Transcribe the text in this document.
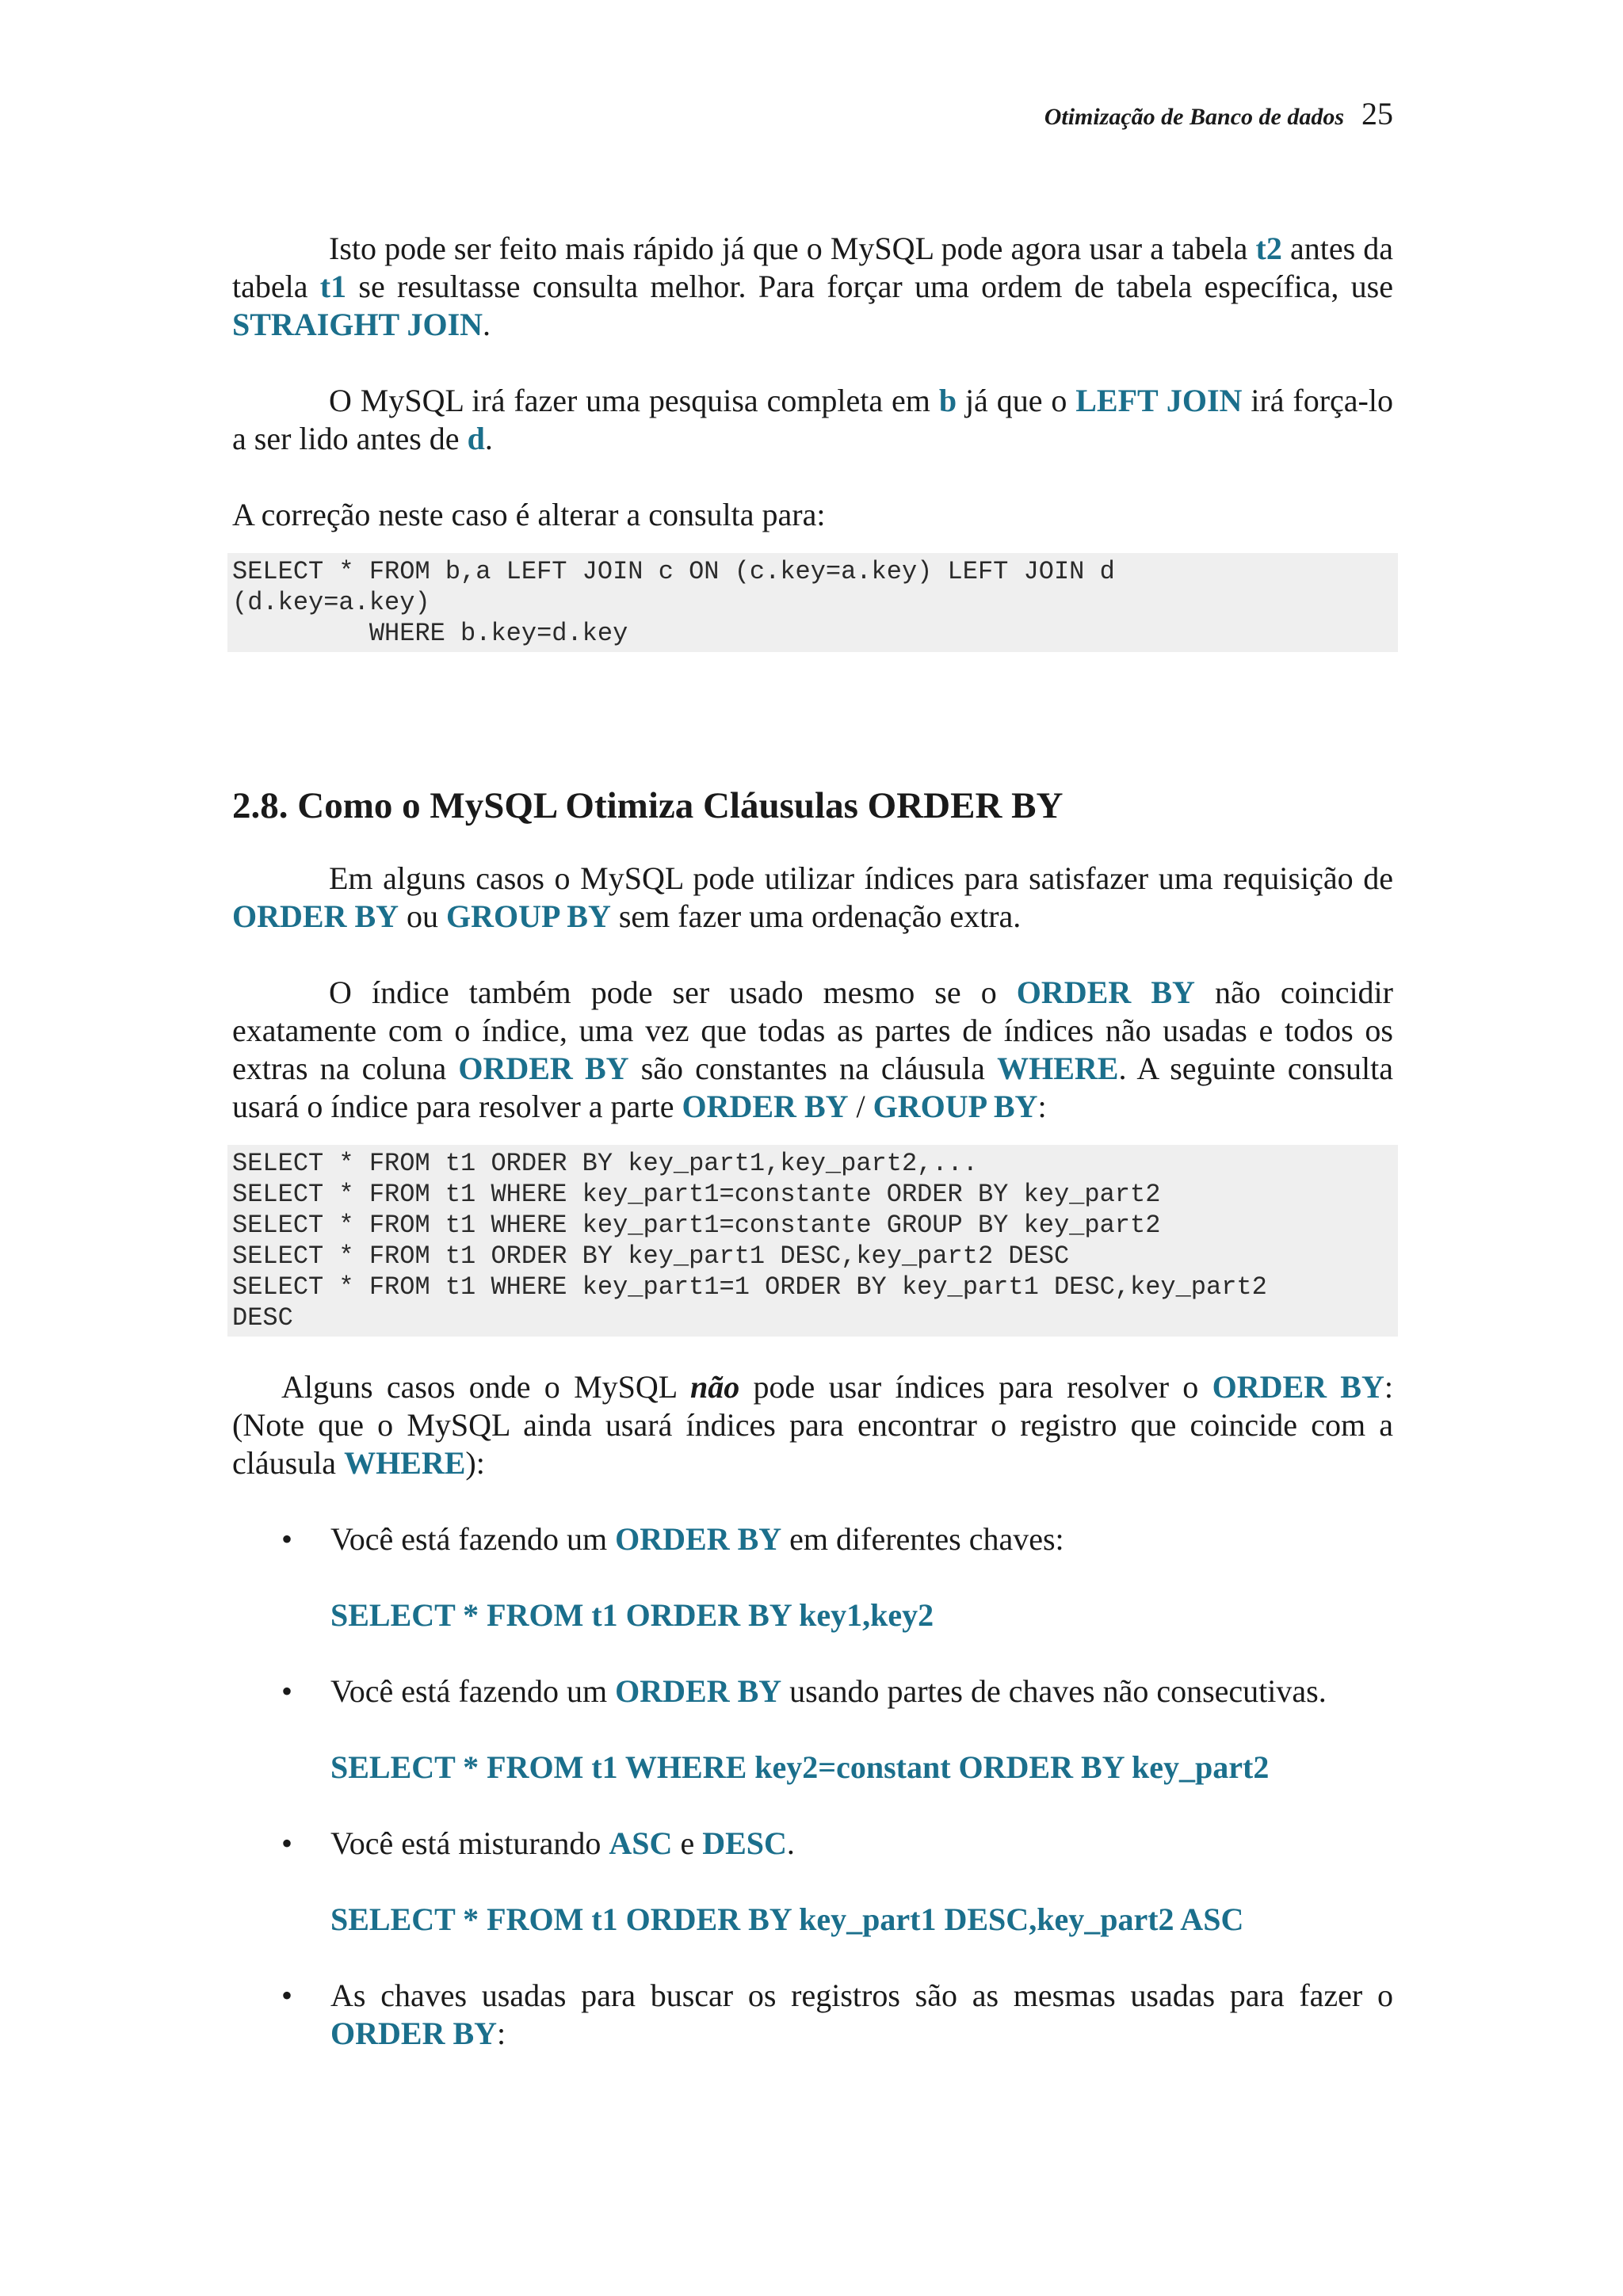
Otimização de Banco de dados 25

Isto pode ser feito mais rápido já que o MySQL pode agora usar a tabela t2 antes da tabela t1 se resultasse consulta melhor. Para forçar uma ordem de tabela específica, use STRAIGHT JOIN.

O MySQL irá fazer uma pesquisa completa em b já que o LEFT JOIN irá força-lo a ser lido antes de d.

A correção neste caso é alterar a consulta para:

SELECT * FROM b,a LEFT JOIN c ON (c.key=a.key) LEFT JOIN d
(d.key=a.key)
WHERE b.key=d.key
2.8. Como o MySQL Otimiza Cláusulas ORDER BY

Em alguns casos o MySQL pode utilizar índices para satisfazer uma requisição de ORDER BY ou GROUP BY sem fazer uma ordenação extra.

O índice também pode ser usado mesmo se o ORDER BY não coincidir exatamente com o índice, uma vez que todas as partes de índices não usadas e todos os extras na coluna ORDER BY são constantes na cláusula WHERE. A seguinte consulta usará o índice para resolver a parte ORDER BY / GROUP BY:

SELECT * FROM t1 ORDER BY key_part1,key_part2,...
SELECT * FROM t1 WHERE key_part1=constante ORDER BY key_part2
SELECT * FROM t1 WHERE key_part1=constante GROUP BY key_part2
SELECT * FROM t1 ORDER BY key_part1 DESC,key_part2 DESC
SELECT * FROM t1 WHERE key_part1=1 ORDER BY key_part1 DESC,key_part2
DESC

Alguns casos onde o MySQL não pode usar índices para resolver o ORDER BY: (Note que o MySQL ainda usará índices para encontrar o registro que coincide com a cláusula WHERE):

• Você está fazendo um ORDER BY em diferentes chaves:

SELECT * FROM t1 ORDER BY key1,key2
• Você está fazendo um ORDER BY usando partes de chaves não consecutivas.

SELECT * FROM t1 WHERE key2=constant ORDER BY key_part2
• Você está misturando ASC e DESC.

SELECT * FROM t1 ORDER BY key_part1 DESC,key_part2 ASC
• As chaves usadas para buscar os registros são as mesmas usadas para fazer o ORDER BY:
